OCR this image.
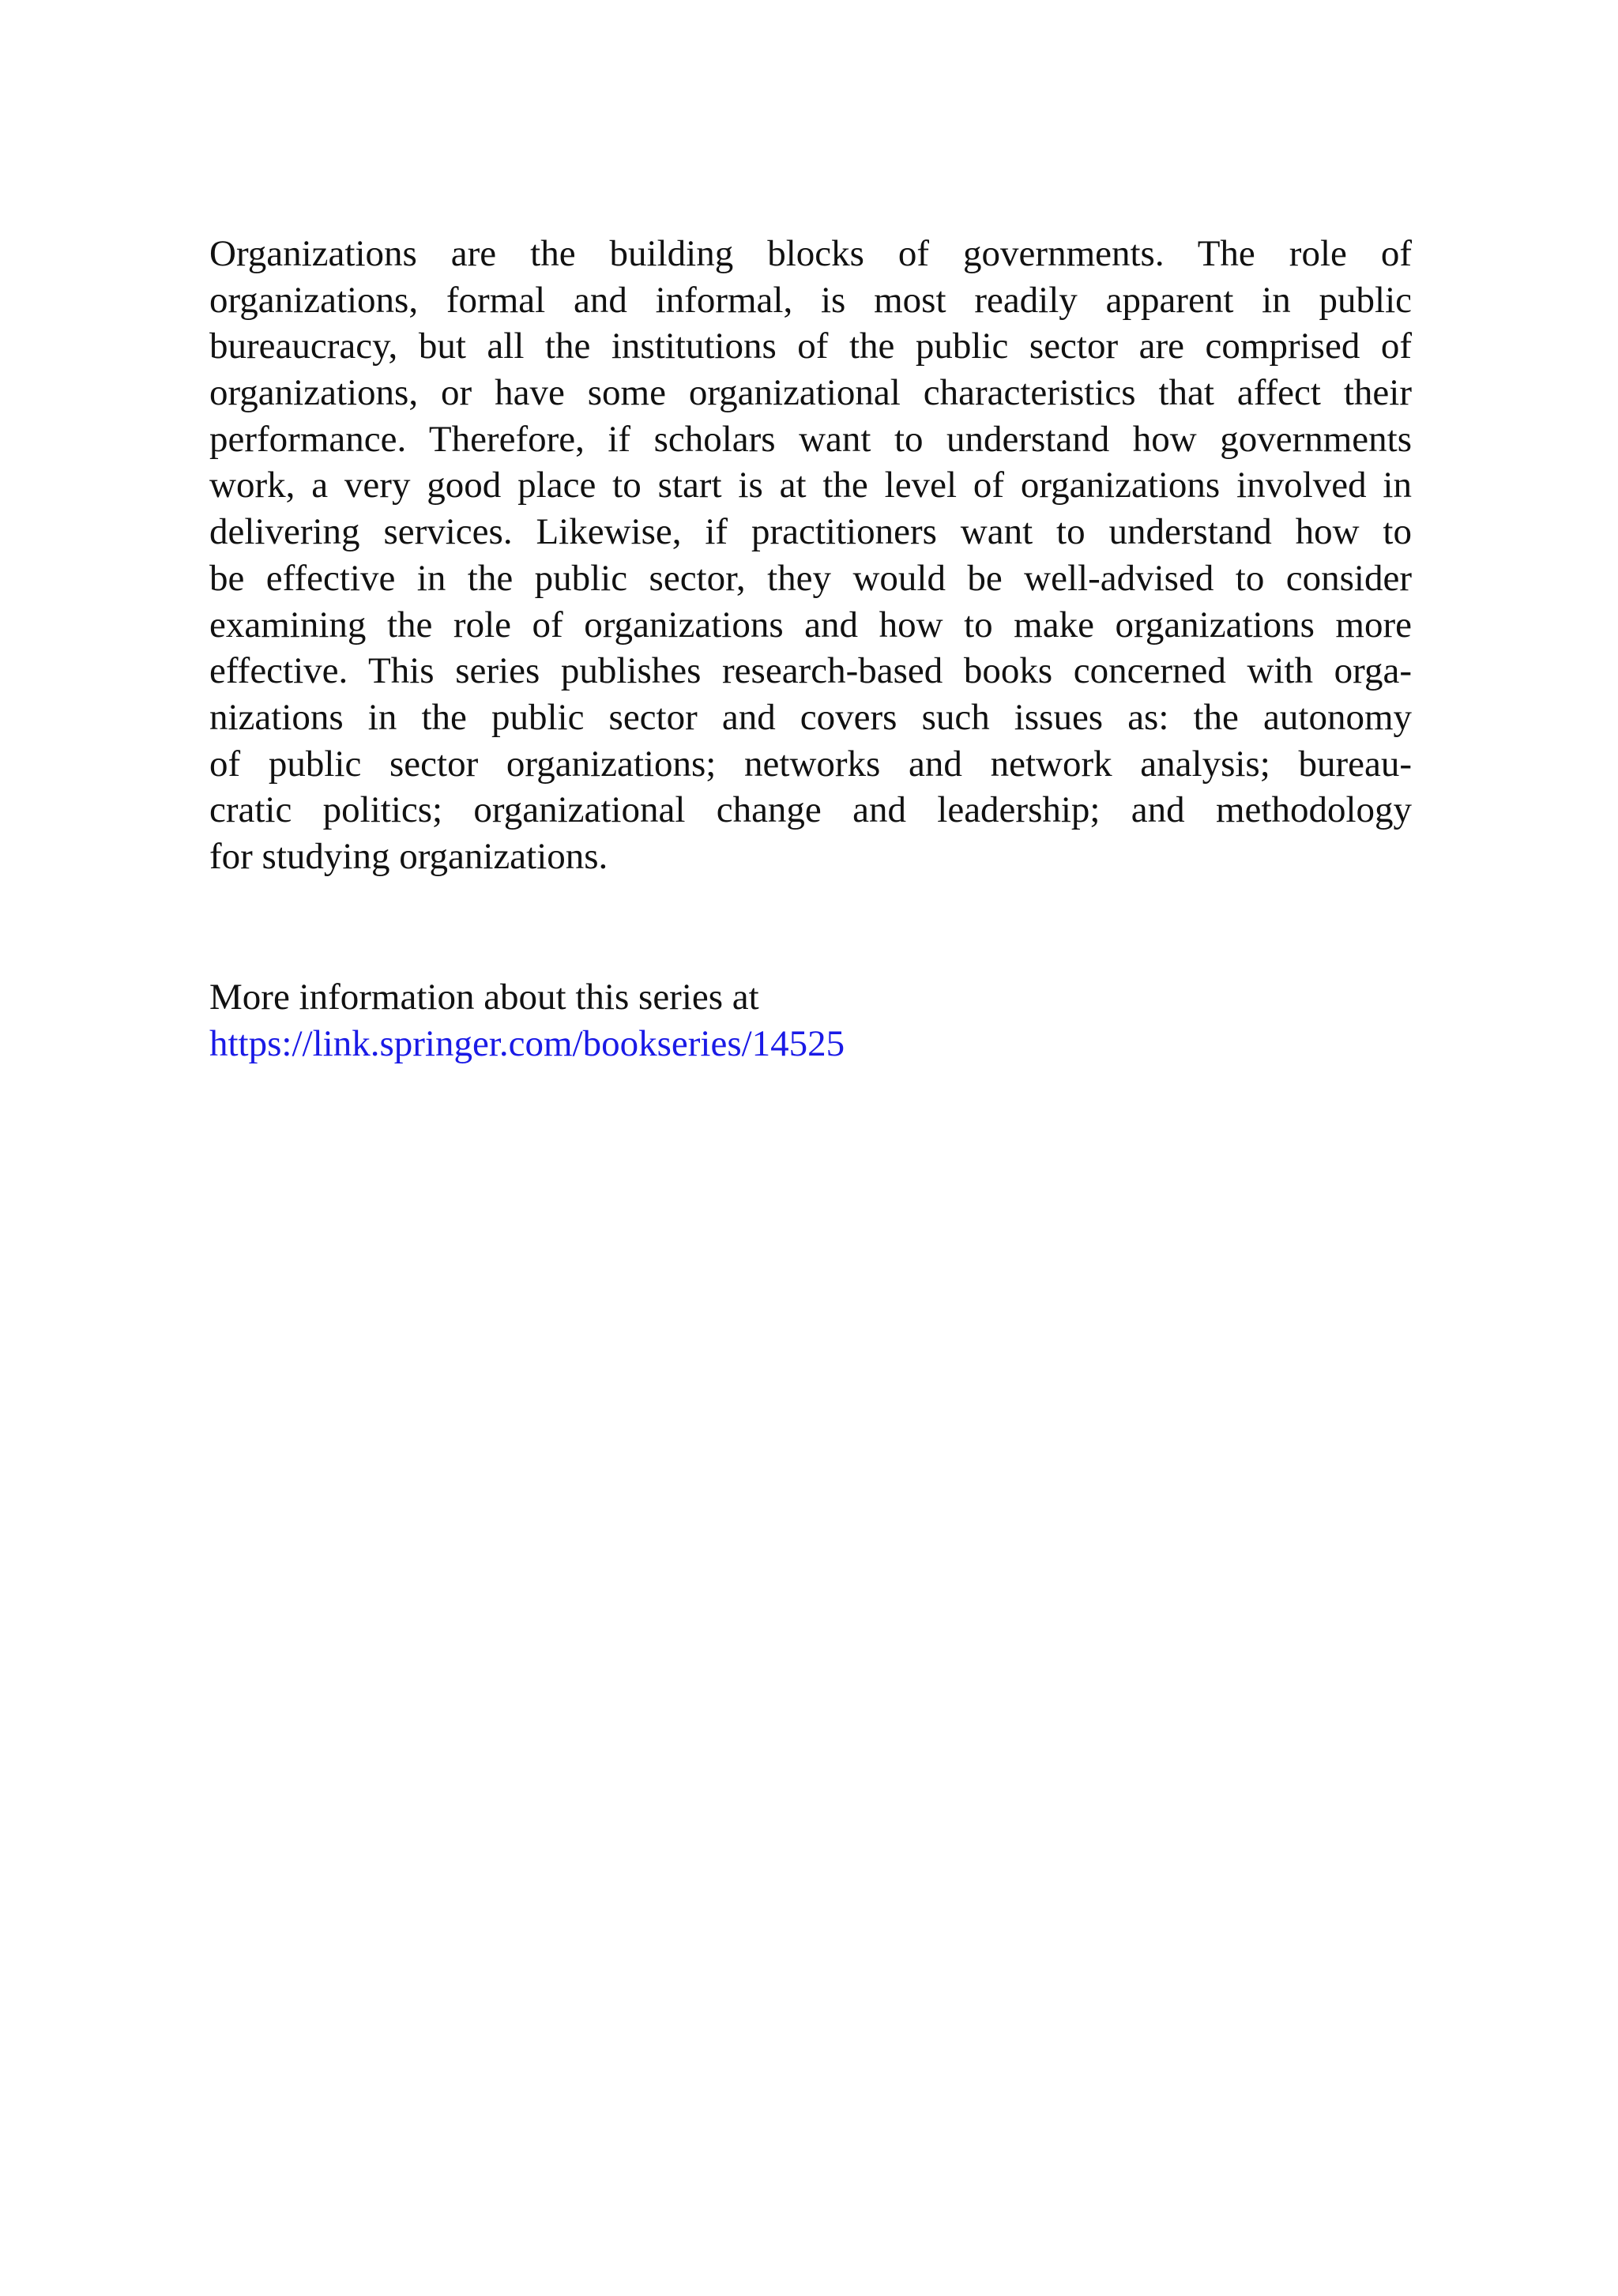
Organizations are the building blocks of governments. The role of
organizations, formal and informal, is most readily apparent in public
bureaucracy, but all the institutions of the public sector are comprised of
organizations, or have some organizational characteristics that affect their
performance. Therefore, if scholars want to understand how governments
work, a very good place to start is at the level of organizations involved in
delivering services. Likewise, if practitioners want to understand how to
be effective in the public sector, they would be well-advised to consider
examining the role of organizations and how to make organizations more
effective. This series publishes research-based books concerned with orga-
nizations in the public sector and covers such issues as: the autonomy
of public sector organizations; networks and network analysis; bureau-
cratic politics; organizational change and leadership; and methodology
for studying organizations.
More information about this series at
https://link.springer.com/bookseries/14525
